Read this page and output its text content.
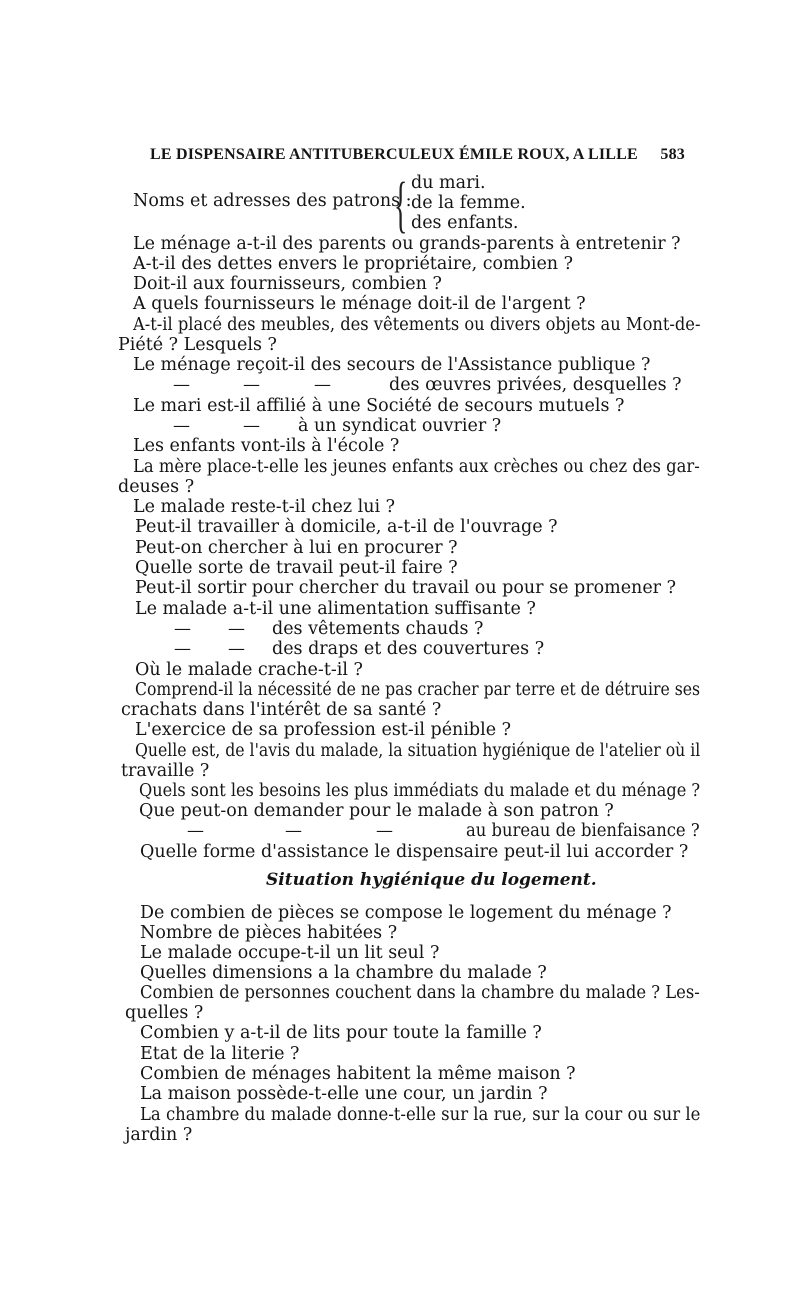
LE DISPENSAIRE ANTITUBERCULEUX ÉMILE ROUX, A LILLE 583
Noms et adresses des patrons :
{ du mari.
de la femme.
des enfants.
Le ménage a-t-il des parents ou grands-parents à entretenir ?
A-t-il des dettes envers le propriétaire, combien ?
Doit-il aux fournisseurs, combien ?
A quels fournisseurs le ménage doit-il de l'argent ?
A-t-il placé des meubles, des vêtements ou divers objets au Mont-de-
Piété ? Lesquels ?
Le ménage reçoit-il des secours de l'Assistance publique ?
—	—	—	des œuvres privées, desquelles ?
Le mari est-il affilié à une Société de secours mutuels ?
—	— à un syndicat ouvrier ?
Les enfants vont-ils à l'école ?
La mère place-t-elle les jeunes enfants aux crèches ou chez des gar-
deuses ?
Le malade reste-t-il chez lui ?
Peut-il travailler à domicile, a-t-il de l'ouvrage ?
Peut-on chercher à lui en procurer ?
Quelle sorte de travail peut-il faire ?
Peut-il sortir pour chercher du travail ou pour se promener ?
Le malade a-t-il une alimentation suffisante ?
— — des vêtements chauds ?
— — des draps et des couvertures ?
Où le malade crache-t-il ?
Comprend-il la nécessité de ne pas cracher par terre et de détruire ses
crachats dans l'intérêt de sa santé ?
L'exercice de sa profession est-il pénible ?
Quelle est, de l'avis du malade, la situation hygiénique de l'atelier où il
travaille ?
Quels sont les besoins les plus immédiats du malade et du ménage ?
Que peut-on demander pour le malade à son patron ?
—	—	—	au bureau de bienfaisance ?
Quelle forme d'assistance le dispensaire peut-il lui accorder ?
Situation hygiénique du logement.
De combien de pièces se compose le logement du ménage ?
Nombre de pièces habitées ?
Le malade occupe-t-il un lit seul ?
Quelles dimensions a la chambre du malade ?
Combien de personnes couchent dans la chambre du malade ? Les-
quelles ?
Combien y a-t-il de lits pour toute la famille ?
Etat de la literie ?
Combien de ménages habitent la même maison ?
La maison possède-t-elle une cour, un jardin ?
La chambre du malade donne-t-elle sur la rue, sur la cour ou sur le
jardin ?
